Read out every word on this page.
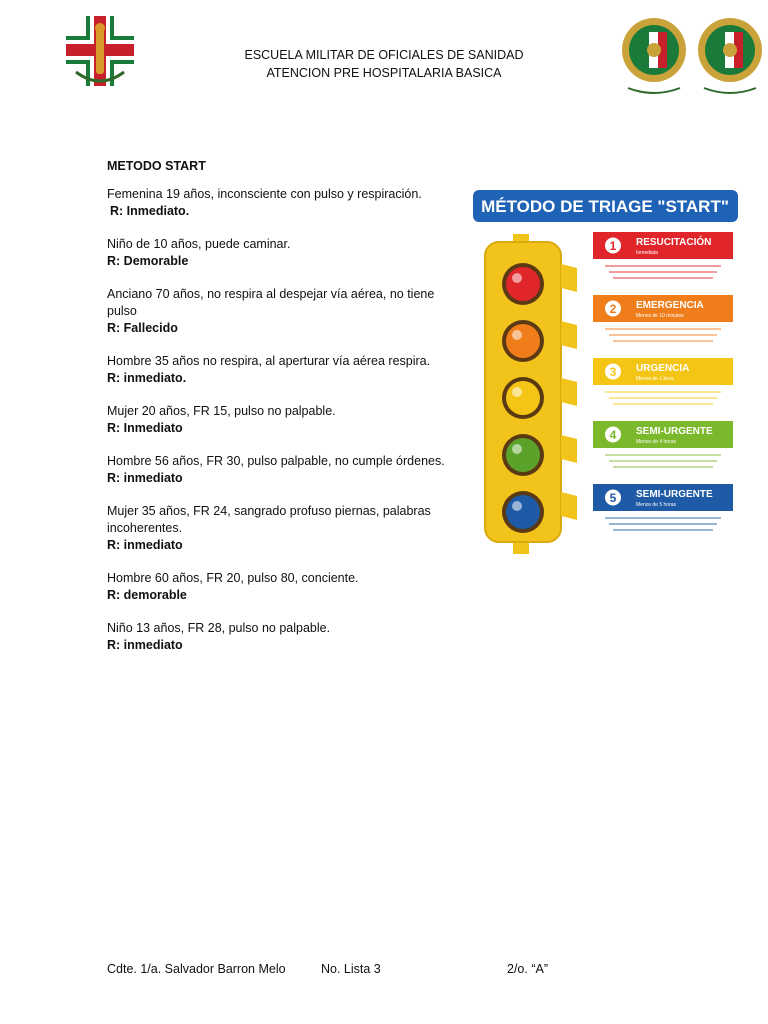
ESCUELA MILITAR DE OFICIALES DE SANIDAD
ATENCION PRE HOSPITALARIA BASICA
METODO START
Femenina 19 años, inconsciente con pulso y respiración.
R: Inmediato.
Niño de 10 años, puede caminar.
R: Demorable
Anciano 70 años, no respira al despejar vía aérea, no tiene pulso
R: Fallecido
Hombre 35 años no respira, al aperturar vía aérea respira.
R: inmediato.
Mujer 20 años, FR 15, pulso no palpable.
R: Inmediato
Hombre 56 años, FR 30, pulso palpable, no cumple órdenes.
R: inmediato
Mujer 35 años, FR 24, sangrado profuso piernas, palabras incoherentes.
R: inmediato
Hombre 60 años, FR 20, pulso 80, conciente.
R: demorable
Niño 13 años, FR 28, pulso no palpable.
R: inmediato
MÉTODO DE TRIAGE "START"
1 RESUCITACIÓN
Inmediata
2 EMERGENCIA
Menos de 10 minutos
3 URGENCIA
Menos de 1 hora
4 SEMI-URGENTE
Menos de 4 horas
5 SEMI-URGENTE
Menos de 5 horas
Cdte. 1/a. Salvador Barron Melo	No. Lista 3	2/o. “A”
